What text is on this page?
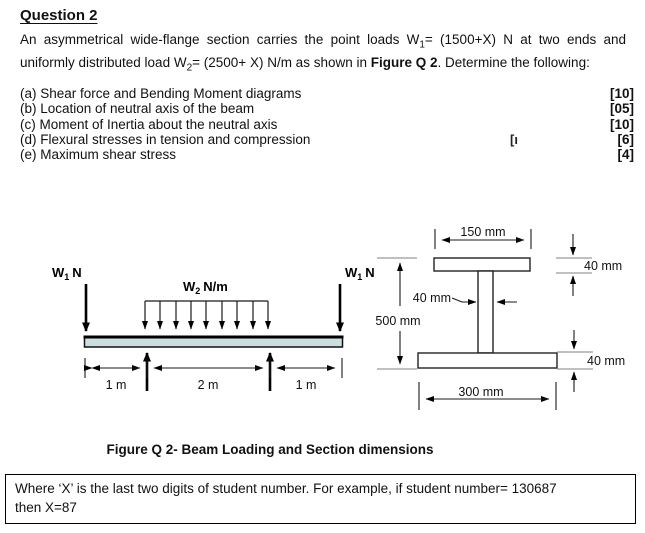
Question 2

An asymmetrical wide-flange section carries the point loads $W_1= (1500+X)$ N at two ends and uniformly distributed load $W_2= (2500+ X)$ N/m as shown in Figure Q 2. Determine the following:

(a) Shear force and Bending Moment diagrams	[10]
(b) Location of neutral axis of the beam	[05]
(c) Moment of Inertia about the neutral axis	[10]
(d) Flexural stresses in tension and compression	[ı	[6]
(e) Maximum shear stress	[4]
$W_1$ N	$W_1$ N
$W_2$ N/m
1 m	2 m	1 m
150 mm
40 mm
40 mm
500 mm
40 mm
300 mm
Figure Q 2- Beam Loading and Section dimensions
Where ‘X’ is the last two digits of student number. For example, if student number= 130687
then X=87
